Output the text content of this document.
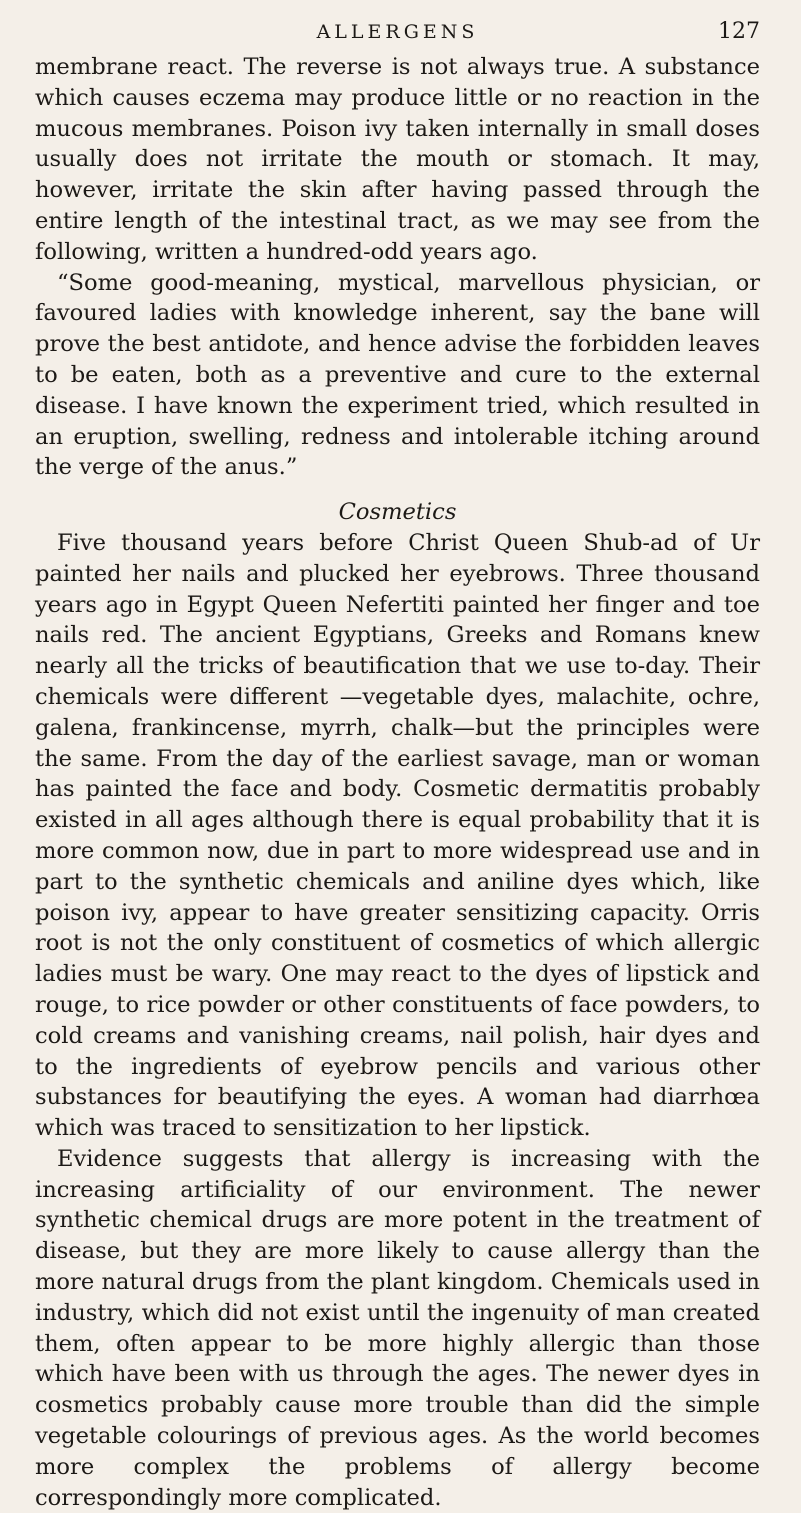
ALLERGENS	127

membrane react. The reverse is not always true. A substance which causes eczema may produce little or no reaction in the mucous membranes. Poison ivy taken internally in small doses usually does not irritate the mouth or stomach. It may, however, irritate the skin after having passed through the entire length of the intestinal tract, as we may see from the following, written a hundred-odd years ago.

“Some good-meaning, mystical, marvellous physician, or favoured ladies with knowledge inherent, say the bane will prove the best antidote, and hence advise the forbidden leaves to be eaten, both as a preventive and cure to the external disease. I have known the experiment tried, which resulted in an eruption, swelling, redness and intolerable itching around the verge of the anus.”

Cosmetics

Five thousand years before Christ Queen Shub-ad of Ur painted her nails and plucked her eyebrows. Three thousand years ago in Egypt Queen Nefertiti painted her finger and toe nails red. The ancient Egyptians, Greeks and Romans knew nearly all the tricks of beautification that we use to-day. Their chemicals were different —vegetable dyes, malachite, ochre, galena, frankincense, myrrh, chalk—but the principles were the same. From the day of the earliest savage, man or woman has painted the face and body. Cosmetic dermatitis probably existed in all ages although there is equal probability that it is more common now, due in part to more widespread use and in part to the synthetic chemicals and aniline dyes which, like poison ivy, appear to have greater sensitizing capacity. Orris root is not the only constituent of cosmetics of which allergic ladies must be wary. One may react to the dyes of lipstick and rouge, to rice powder or other constituents of face powders, to cold creams and vanishing creams, nail polish, hair dyes and to the ingredients of eyebrow pencils and various other substances for beautifying the eyes. A woman had diarrhœa which was traced to sensitization to her lipstick.

Evidence suggests that allergy is increasing with the increasing artificiality of our environment. The newer synthetic chemical drugs are more potent in the treatment of disease, but they are more likely to cause allergy than the more natural drugs from the plant kingdom. Chemicals used in industry, which did not exist until the ingenuity of man created them, often appear to be more highly allergic than those which have been with us through the ages. The newer dyes in cosmetics probably cause more trouble than did the simple vegetable colourings of previous ages. As the world becomes more complex the problems of allergy become correspondingly more complicated.
